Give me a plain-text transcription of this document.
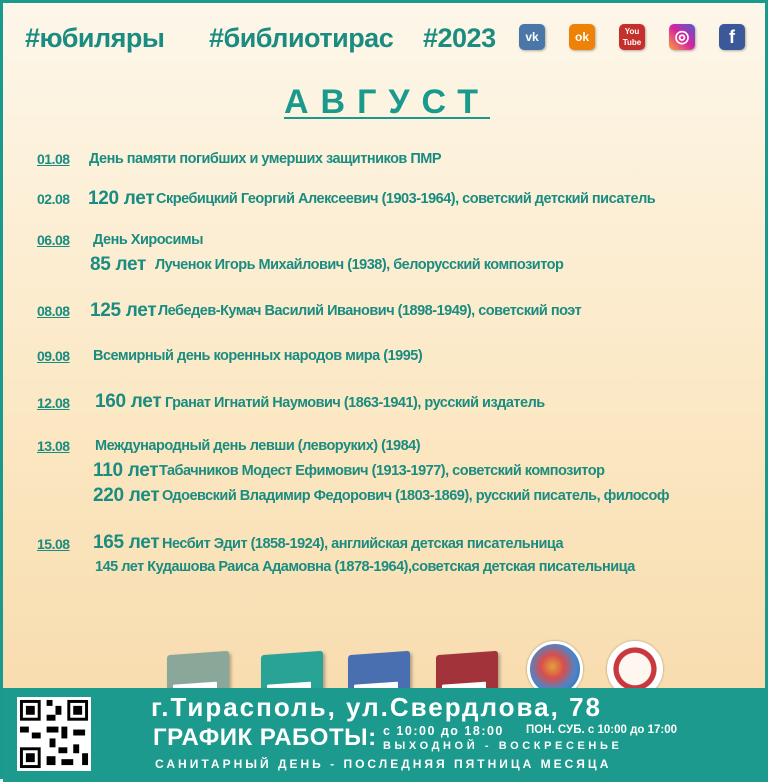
#юбиляры #библиотирас #2023	vk	ok	You Tube	◎	f
АВГУСТ
01.08 День памяти погибших и умерших защитников ПМР
02.08 120 лет Скребицкий Георгий Алексеевич (1903-1964), советский детский писатель
06.08 День Хиросимы
85 лет Лученок Игорь Михайлович (1938), белорусский композитор
08.08 125 лет Лебедев-Кумач Василий Иванович (1898-1949), советский поэт
09.08 Всемирный день коренных народов мира (1995)
12.08 160 лет Гранат Игнатий Наумович (1863-1941), русский издатель
13.08 Международный день левши (леворуких) (1984)
110 лет Табачников Модест Ефимович (1913-1977), советский композитор
220 лет Одоевский Владимир Федорович (1803-1869), русский писатель, философ
15.08 165 лет Несбит Эдит (1858-1924), английская детская писательница
145 лет Кудашова Раиса Адамовна (1878-1964),советская детская писательница
г.Тирасполь, ул.Свердлова, 78
ГРАФИК РАБОТЫ: с 10:00 до 18:00 ПОН. СУБ. с 10:00 до 17:00
ВЫХОДНОЙ - ВОСКРЕСЕНЬЕ
САНИТАРНЫЙ ДЕНЬ - ПОСЛЕДНЯЯ ПЯТНИЦА МЕСЯЦА
